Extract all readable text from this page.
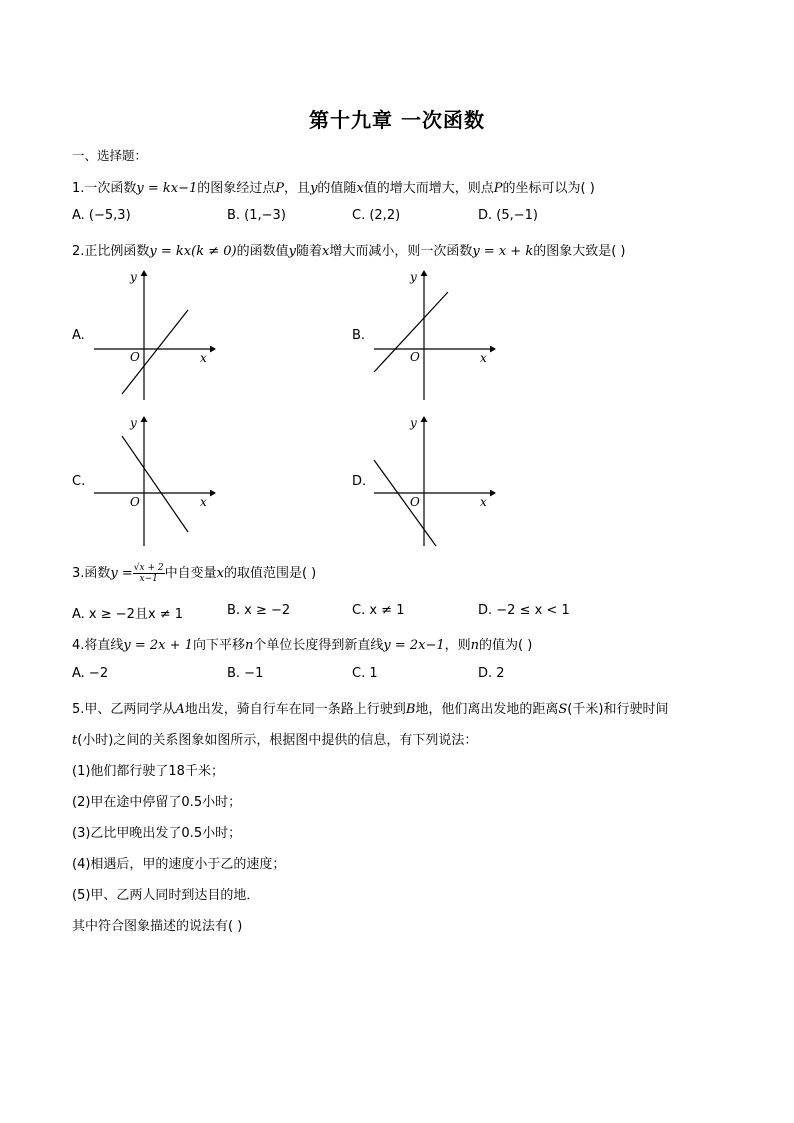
第十九章 一次函数
一、选择题：
1.一次函数y = kx−1的图象经过点P，且y的值随x值的增大而增大，则点P的坐标可以为( )
A. (−5,3)	B. (1,−3)	C. (2,2)	D. (5,−1)
2.正比例函数y = kx(k ≠ 0)的函数值y随着x增大而减小，则一次函数y = x + k的图象大致是( )
A.
y
x
O
B.
y
x
O
C.
y
x
O
D.
y
x
O
3.函数$y = \frac{√x + 2}{x-1}$ 中自变量x的取值范围是( )
A. x ≥ −2且x ≠ 1	B. x ≥ −2	C. x ≠ 1	D. −2 ≤ x < 1
4.将直线y = 2x + 1向下平移n个单位长度得到新直线y = 2x−1，则n的值为( )
A. −2	B. −1	C. 1	D. 2
5.甲、乙两同学从A地出发，骑自行车在同一条路上行驶到B地，他们离出发地的距离S(千米)和行驶时间
t(小时)之间的关系图象如图所示，根据图中提供的信息，有下列说法：
(1)他们都行驶了18千米；
(2)甲在途中停留了0.5小时；
(3)乙比甲晚出发了0.5小时；
(4)相遇后，甲的速度小于乙的速度；
(5)甲、乙两人同时到达目的地．
其中符合图象描述的说法有( )
